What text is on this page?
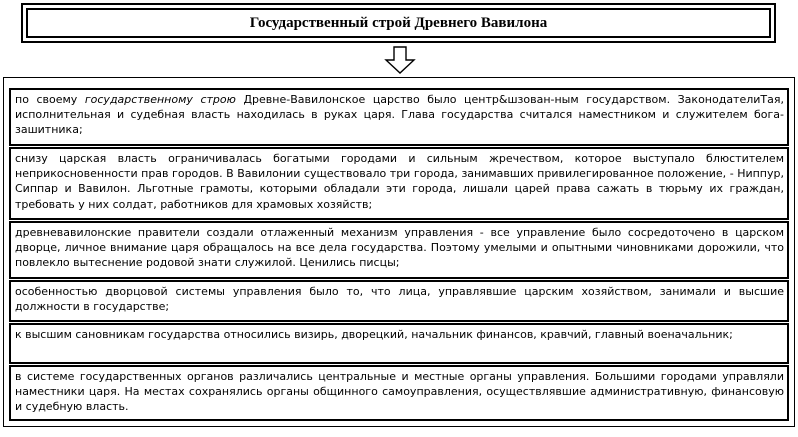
Государственный строй Древнего Вавилона
по своему государственному строю Древне-Вавилонское царство было центр&шзован-ным государством. ЗаконодателиТая, исполнительная и судебная власть находилась в руках царя. Глава государства считался наместником и служителем бога-зашитника;
снизу царская власть ограничивалась богатыми городами и сильным жречеством, которое выступало блюстителем неприкосновенности прав городов. В Вавилонии существовало три города, занимавших привилегированное положение, - Ниппур, Сиппар и Вавилон. Льготные грамоты, которыми обладали эти города, лишали царей права сажать в тюрьму их граждан, требовать у них солдат, работников для храмовых хозяйств;
древневавилонские правители создали отлаженный механизм управления - все управление было сосредоточено в царском дворце, личное внимание царя обращалось на все дела государства. Поэтому умелыми и опытными чиновниками дорожили, что повлекло вытеснение родовой знати служилой. Ценились писцы;
особенностью дворцовой системы управления было то, что лица, управлявшие царским хозяйством, занимали и высшие должности в государстве;
к высшим сановникам государства относились визирь, дворецкий, начальник финансов, кравчий, главный военачальник;
в системе государственных органов различались центральные и местные органы управления. Большими городами управляли наместники царя. На местах сохранялись органы общинного самоуправления, осуществлявшие административную, финансовую и судебную власть.
